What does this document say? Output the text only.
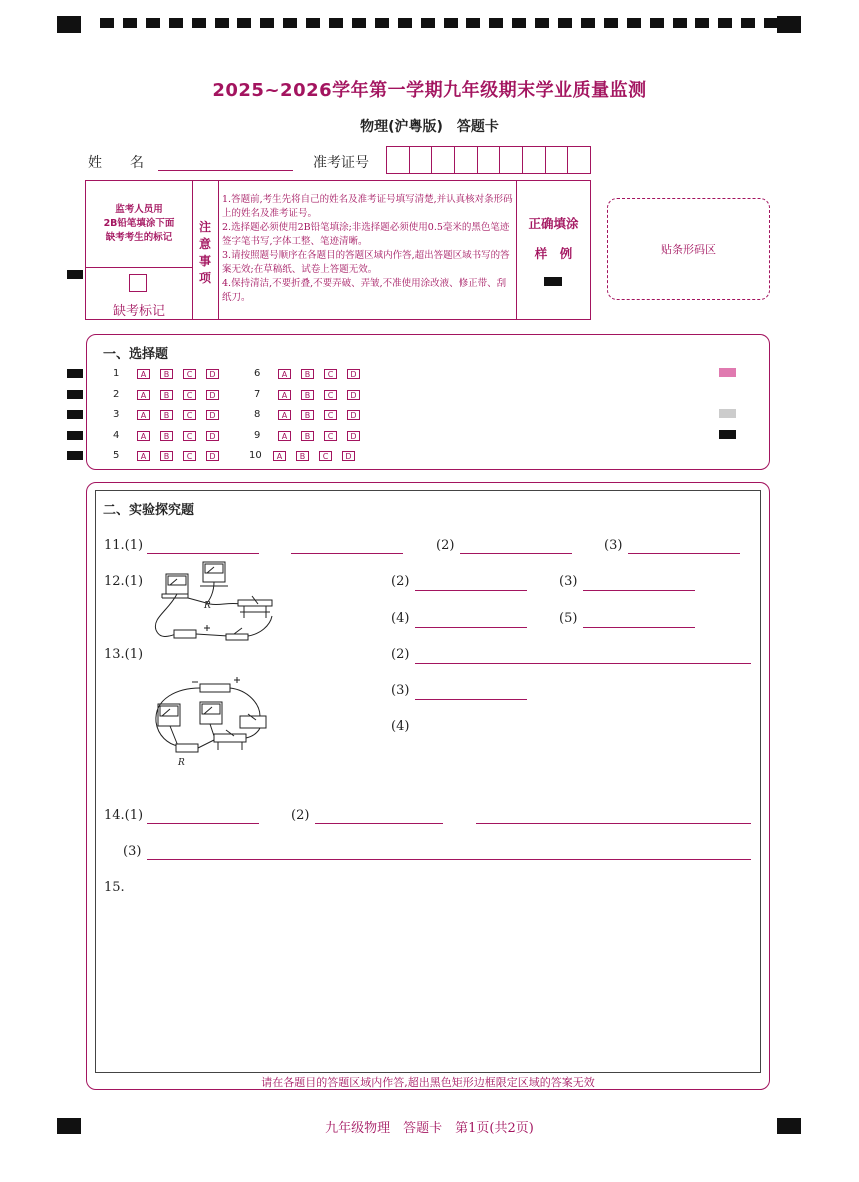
2025~2026学年第一学期九年级期末学业质量监测
物理(沪粤版)　答题卡
姓　　名	准考证号
监考人员用
2B铅笔填涂下面
缺考考生的标记
缺考标记
注
意
事
项
1.答题前,考生先将自己的姓名及准考证号填写清楚,并认真核对条形码上的姓名及准考证号。
2.选择题必须使用2B铅笔填涂;非选择题必须使用0.5毫米的黑色笔迹签字笔书写,字体工整、笔迹清晰。
3.请按照题号顺序在各题目的答题区域内作答,超出答题区域书写的答案无效;在草稿纸、试卷上答题无效。
4.保持清洁,不要折叠,不要弄破、弄皱,不准使用涂改液、修正带、刮纸刀。
正确填涂
样　例	贴条形码区
一、选择题
1	A	B	C	D
2	A	B	C	D
3	A	B	C	D
4	A	B	C	D
5	A	B	C	D
6	A	B	C	D
7	A	B	C	D
8	A	B	C	D
9	A	B	C	D
10	A	B	C	D
二、实验探究题
11.(1)	(2)	(3)
12.(1)
R
(2)	(3)
(4)	(5)
13.(1)
R
(2)
(3)
(4)
14.(1)	(2)
(3)
15.
请在各题目的答题区域内作答,超出黑色矩形边框限定区域的答案无效
九年级物理　答题卡　第1页(共2页)
